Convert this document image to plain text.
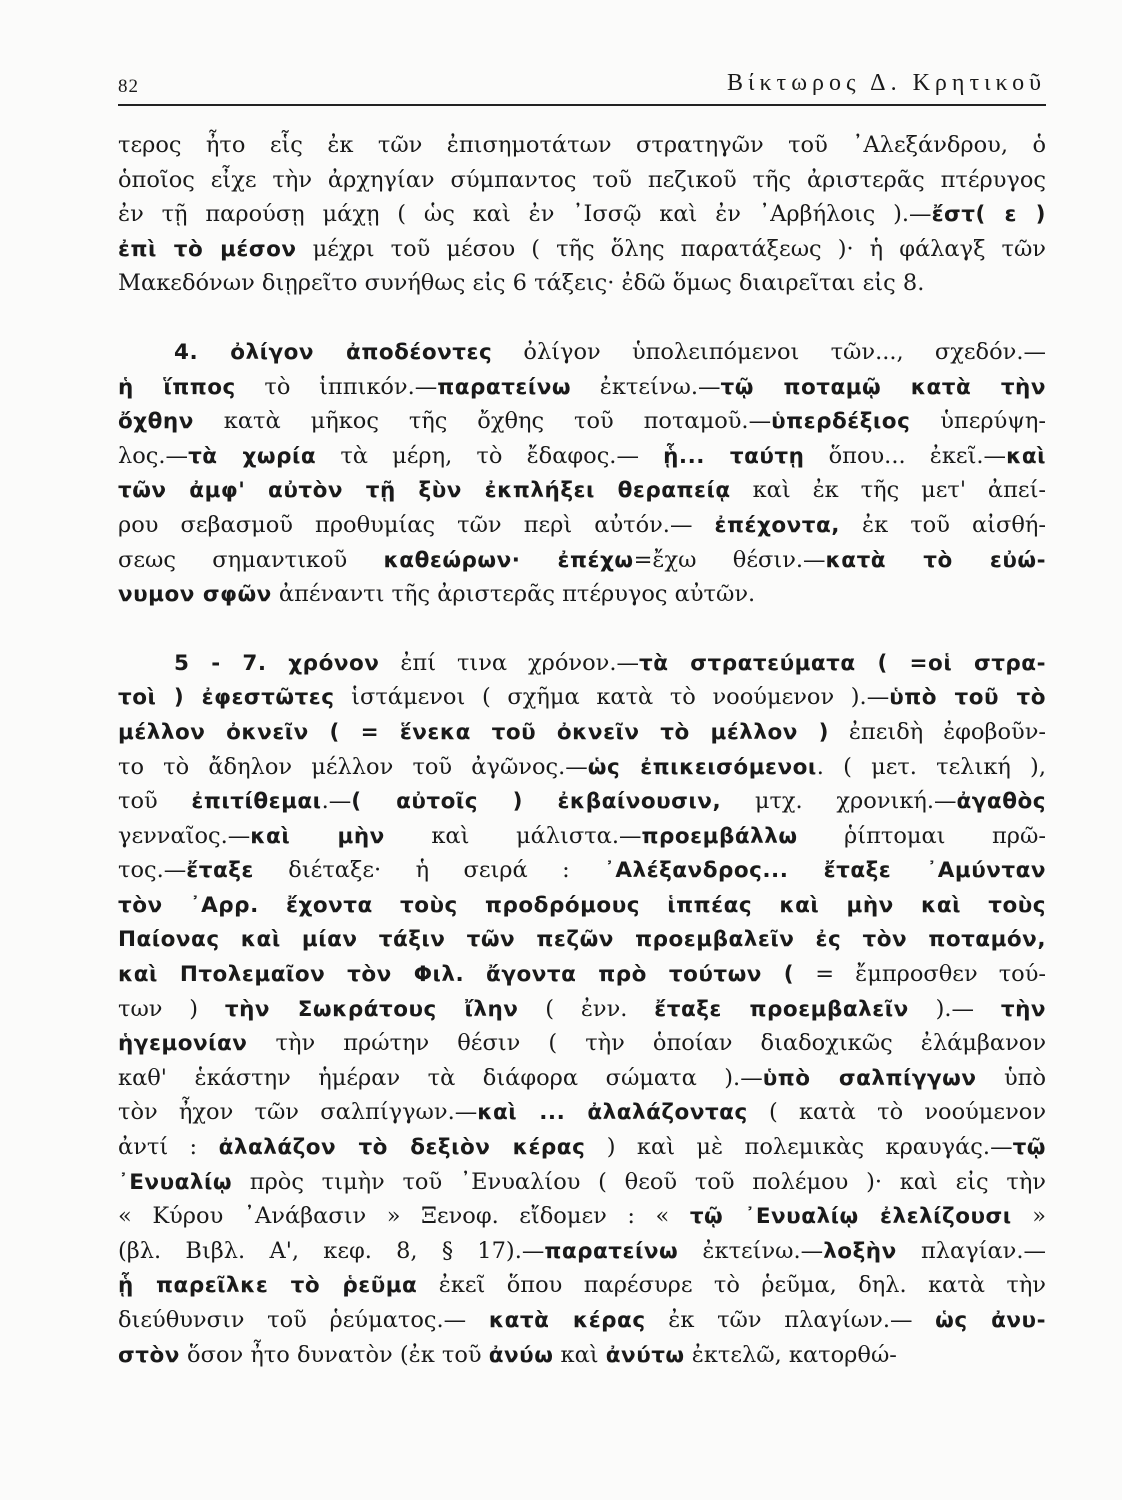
82	Βίκτωρος Δ. Κρητικοῦ
τερος ἦτο εἷς ἐκ τῶν ἐπισημοτάτων στρατηγῶν τοῦ ᾿Αλεξάνδρου, ὁ
ὁποῖος εἶχε τὴν ἀρχηγίαν σύμπαντος τοῦ πεζικοῦ τῆς ἀριστερᾶς πτέρυγος
ἐν τῇ παρούσῃ μάχῃ ( ὡς καὶ ἐν ᾿Ισσῷ καὶ ἐν ᾿Αρβήλοις ).—ἔστ( ε )
ἐπὶ τὸ μέσον μέχρι τοῦ μέσου ( τῆς ὅλης παρατάξεως )· ἡ φάλαγξ τῶν
Μακεδόνων διῃρεῖτο συνήθως εἰς 6 τάξεις· ἐδῶ ὅμως διαιρεῖται εἰς 8.
4. ὀλίγον ἀποδέοντες ὀλίγον ὑπολειπόμενοι τῶν..., σχεδόν.—
ἡ ἵππος τὸ ἱππικόν.—παρατείνω ἐκτείνω.—τῷ ποταμῷ κατὰ τὴν
ὄχθην κατὰ μῆκος τῆς ὄχθης τοῦ ποταμοῦ.—ὑπερδέξιος ὑπερύψη-
λος.—τὰ χωρία τὰ μέρη, τὸ ἔδαφος.— ᾗ... ταύτῃ ὅπου... ἐκεῖ.—καὶ
τῶν ἀμφ' αὐτὸν τῇ ξὺν ἐκπλήξει θεραπείᾳ καὶ ἐκ τῆς μετ' ἀπεί-
ρου σεβασμοῦ προθυμίας τῶν περὶ αὐτόν.— ἐπέχοντα, ἐκ τοῦ αἰσθή-
σεως σημαντικοῦ καθεώρων· ἐπέχω=ἔχω θέσιν.—κατὰ τὸ εὐώ-
νυμον σφῶν ἀπέναντι τῆς ἀριστερᾶς πτέρυγος αὐτῶν.
5 - 7. χρόνον ἐπί τινα χρόνον.—τὰ στρατεύματα ( =οἱ στρα-
τοὶ ) ἐφεστῶτες ἱστάμενοι ( σχῆμα κατὰ τὸ νοούμενον ).—ὑπὸ τοῦ τὸ
μέλλον ὀκνεῖν ( = ἕνεκα τοῦ ὀκνεῖν τὸ μέλλον ) ἐπειδὴ ἐφοβοῦν-
το τὸ ἄδηλον μέλλον τοῦ ἀγῶνος.—ὡς ἐπικεισόμενοι. ( μετ. τελική ),
τοῦ ἐπιτίθεμαι.—( αὐτοῖς ) ἐκβαίνουσιν, μτχ. χρονική.—ἀγαθὸς
γενναῖος.—καὶ μὴν καὶ μάλιστα.—προεμβάλλω ῥίπτομαι πρῶ-
τος.—ἔταξε διέταξε· ἡ σειρά : ᾿Αλέξανδρος... ἔταξε ᾿Αμύνταν
τὸν ᾿Αρρ. ἔχοντα τοὺς προδρόμους ἱππέας καὶ μὴν καὶ τοὺς
Παίονας καὶ μίαν τάξιν τῶν πεζῶν προεμβαλεῖν ἐς τὸν ποταμόν,
καὶ Πτολεμαῖον τὸν Φιλ. ἄγοντα πρὸ τούτων ( = ἔμπροσθεν τού-
των ) τὴν Σωκράτους ἴλην ( ἐνν. ἔταξε προεμβαλεῖν ).— τὴν
ἡγεμονίαν τὴν πρώτην θέσιν ( τὴν ὁποίαν διαδοχικῶς ἐλάμβανον
καθ' ἑκάστην ἡμέραν τὰ διάφορα σώματα ).—ὑπὸ σαλπίγγων ὑπὸ
τὸν ἦχον τῶν σαλπίγγων.—καὶ ... ἀλαλάζοντας ( κατὰ τὸ νοούμενον
ἀντί : ἀλαλάζον τὸ δεξιὸν κέρας ) καὶ μὲ πολεμικὰς κραυγάς.—τῷ
᾿Ενυαλίῳ πρὸς τιμὴν τοῦ ᾿Ενυαλίου ( θεοῦ τοῦ πολέμου )· καὶ εἰς τὴν
« Κύρου ᾿Ανάβασιν » Ξενοφ. εἴδομεν : « τῷ ᾿Ενυαλίῳ ἐλελίζουσι »
(βλ. Βιβλ. Α', κεφ. 8, § 17).—παρατείνω ἐκτείνω.—λοξὴν πλαγίαν.—
ᾗ παρεῖλκε τὸ ῥεῦμα ἐκεῖ ὅπου παρέσυρε τὸ ῥεῦμα, δηλ. κατὰ τὴν
διεύθυνσιν τοῦ ῥεύματος.— κατὰ κέρας ἐκ τῶν πλαγίων.— ὡς ἀνυ-
στὸν ὅσον ἦτο δυνατὸν (ἐκ τοῦ ἀνύω καὶ ἀνύτω ἐκτελῶ, κατορθώ-
